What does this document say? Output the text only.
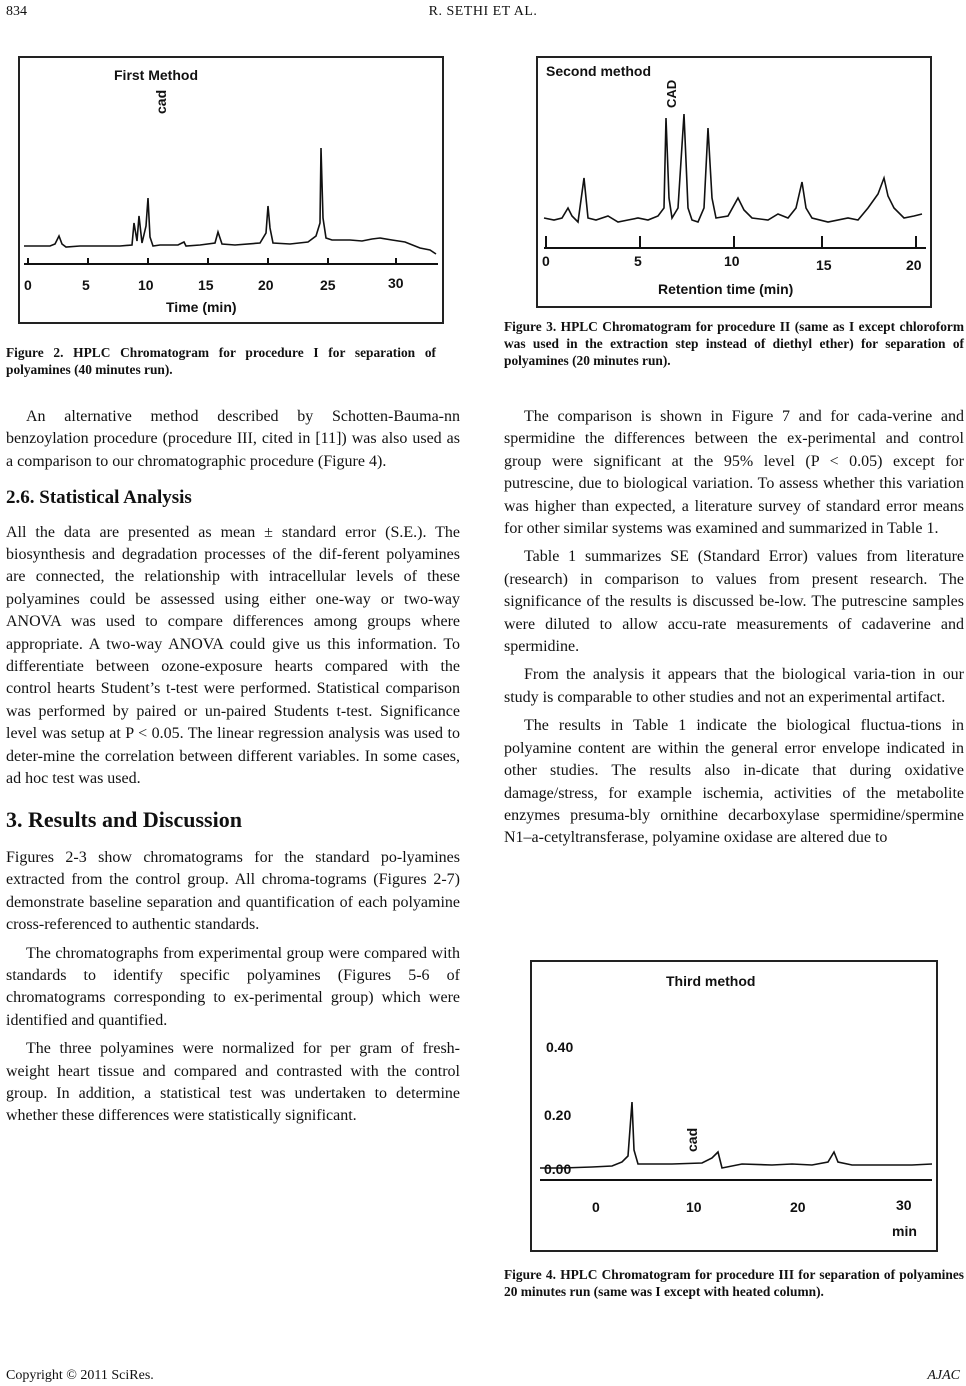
834	R. SETHI ET AL.
First Method
cad
0	5	10	15	20	25	30
Time (min)
Figure 2. HPLC Chromatogram for procedure I for separation of polyamines (40 minutes run).
Second method
CAD
0	5	10	15	20
Retention time (min)
Figure 3. HPLC Chromatogram for procedure II (same as I except chloroform was used in the extraction step instead of diethyl ether) for separation of polyamines (20 minutes run).
Third method
0.40
0.20
0.00
cad
0	10	20	30
min
Figure 4. HPLC Chromatogram for procedure III for separation of polyamines 20 minutes run (same was I except with heated column).

An alternative method described by Schotten-Bauma-nn benzoylation procedure (procedure III, cited in [11]) was also used as a comparison to our chromatographic procedure (Figure 4).

2.6. Statistical Analysis

All the data are presented as mean ± standard error (S.E.). The biosynthesis and degradation processes of the dif-ferent polyamines are connected, the relationship with intracellular levels of these polyamines could be assessed using either one-way or two-way ANOVA was used to compare differences among groups where appropriate. A two-way ANOVA could give us this information. To differentiate between ozone-exposure hearts compared with the control hearts Student’s t-test were performed. Statistical comparison was performed by paired or un-paired Students t-test. Significance level was setup at P < 0.05. The linear regression analysis was used to deter-mine the correlation between different variables. In some cases, ad hoc test was used.

3. Results and Discussion

Figures 2-3 show chromatograms for the standard po-lyamines extracted from the control group. All chroma-tograms (Figures 2-7) demonstrate baseline separation and quantification of each polyamine cross-referenced to authentic standards.

The chromatographs from experimental group were compared with standards to identify specific polyamines (Figures 5-6 of chromatograms corresponding to ex-perimental group) which were identified and quantified.

The three polyamines were normalized for per gram of fresh-weight heart tissue and compared and contrasted with the control group. In addition, a statistical test was undertaken to determine whether these differences were statistically significant.

The comparison is shown in Figure 7 and for cada-verine and spermidine the differences between the ex-perimental and control group were significant at the 95% level (P < 0.05) except for putrescine, due to biological variation. To assess whether this variation was higher than expected, a literature survey of standard error means for other similar systems was examined and summarized in Table 1.

Table 1 summarizes SE (Standard Error) values from literature (research) in comparison to values from present research. The significance of the results is discussed be-low. The putrescine samples were diluted to allow accu-rate measurements of cadaverine and spermidine.

From the analysis it appears that the biological varia-tion in our study is comparable to other studies and not an experimental artifact.

The results in Table 1 indicate the biological fluctua-tions in polyamine content are within the general error envelope indicated in other studies. The results also in-dicate that during oxidative damage/stress, for example ischemia, activities of the metabolite enzymes presuma-bly ornithine decarboxylase spermidine/spermine N1–a-cetyltransferase, polyamine oxidase are altered due to

Copyright © 2011 SciRes.	AJAC
